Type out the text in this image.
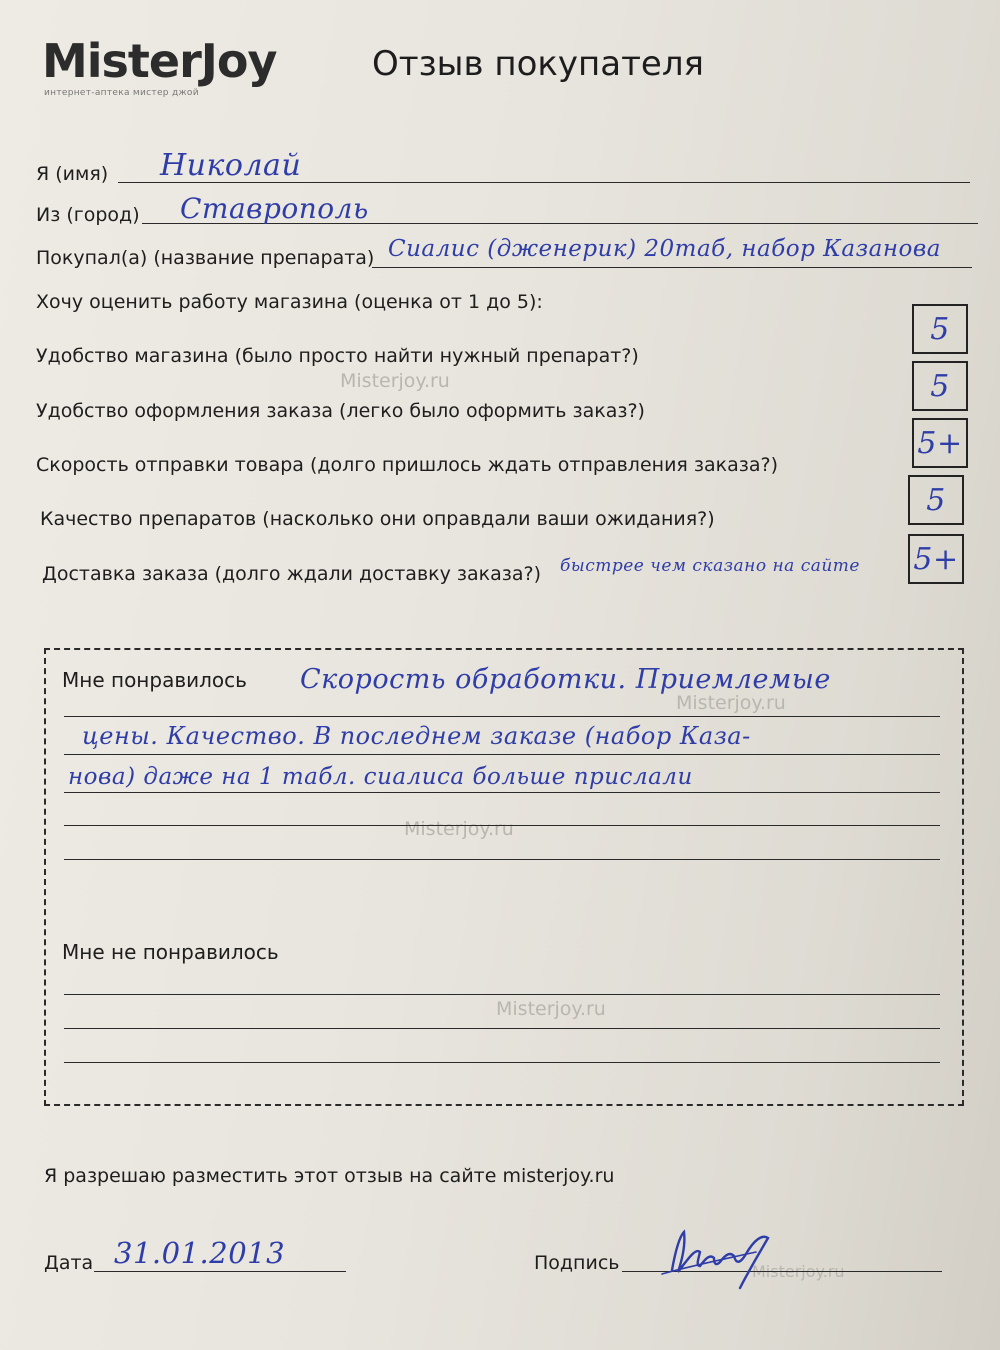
MisterJoy
интернет-аптека мистер джой
Отзыв покупателя
Я (имя) Николай
Из (город) Ставрополь
Покупал(а) (название препарата) Сиалис (дженерик) 20таб, набор Казанова
Хочу оценить работу магазина (оценка от 1 до 5):
Удобство магазина (было просто найти нужный препарат?)
5
Удобство оформления заказа (легко было оформить заказ?)
5
Скорость отправки товара (долго пришлось ждать отправления заказа?)
5+
Качество препаратов (насколько они оправдали ваши ожидания?)
5
Доставка заказа (долго ждали доставку заказа?) быстрее чем сказано на сайте 5+
Misterjoy.ru
Misterjoy.ru
Misterjoy.ru
Misterjoy.ru
Misterjoy.ru
Мне понравилось Скорость обработки. Приемлемые
цены. Качество. В последнем заказе (набор Каза-
нова) даже на 1 табл. сиалиса больше прислали
Мне не понравилось
Я разрешаю разместить этот отзыв на сайте misterjoy.ru
Дата 31.01.2013	Подпись
